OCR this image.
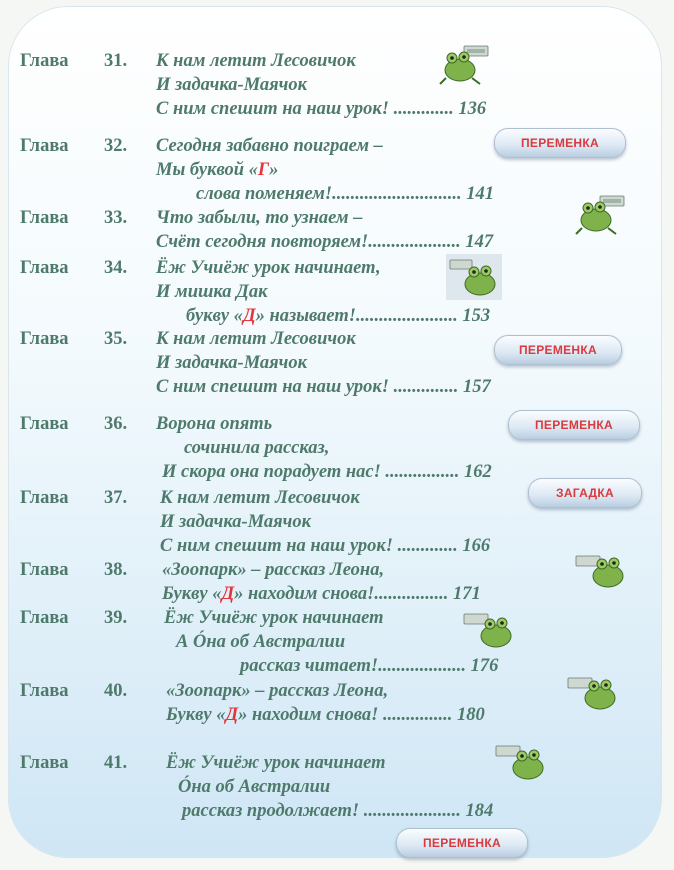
Глава 31. К нам летит Лесовичок
И задачка-Маячок
С ним спешит на наш урок! ............. 136
Глава 32. Сегодня забавно поиграем –
Мы буквой «Г»
слова поменяем!............................ 141
Глава 33. Что забыли, то узнаем –
Счёт сегодня повторяем!.................... 147
Глава 34. Ёж Учиёж урок начинает,
И мишка Дак
букву «Д» называет!...................... 153
Глава 35. К нам летит Лесовичок
И задачка-Маячок
С ним спешит на наш урок! .............. 157
Глава 36. Ворона опять
сочинила рассказ,
И скора она порадует нас! ................ 162
Глава 37. К нам летит Лесовичок
И задачка-Маячок
С ним спешит на наш урок! ............. 166
Глава 38. «Зоопарк» – рассказ Леона,
Букву «Д» находим снова!................ 171
Глава 39. Ёж Учиёж урок начинает
А Óна об Австралии
рассказ читает!................... 176
Глава 40. «Зоопарк» – рассказ Леона,
Букву «Д» находим снова! ............... 180
Глава 41. Ёж Учиёж урок начинает
Óна об Австралии
рассказ продолжает! ..................... 184
ПЕРЕМЕНКА
ПЕРЕМЕНКА
ПЕРЕМЕНКА
ЗАГАДКА
ПЕРЕМЕНКА
